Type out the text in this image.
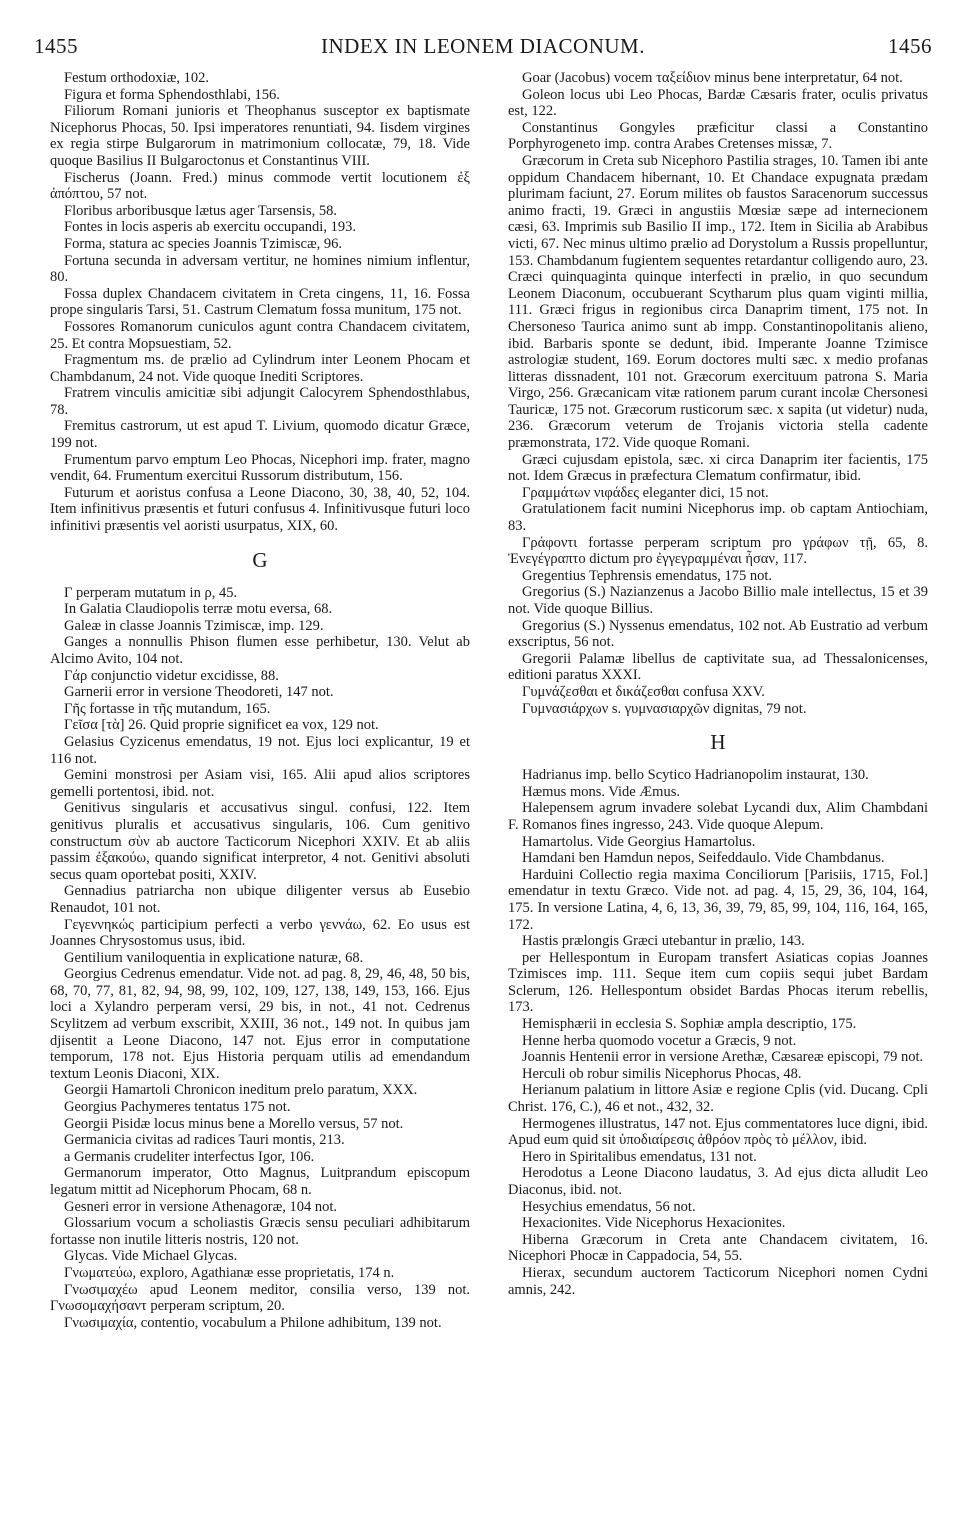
1455	INDEX IN LEONEM DIACONUM.	1456

Festum orthodoxiæ, 102.

Figura et forma Sphendosthlabi, 156.

Filiorum Romani junioris et Theophanus susceptor ex baptismate Nicephorus Phocas, 50. Ipsi imperatores renuntiati, 94. Iisdem virgines ex regia stirpe Bulgarorum in matrimonium collocatæ, 79, 18. Vide quoque Basilius II Bulgaroctonus et Constantinus VIII.

Fischerus (Joann. Fred.) minus commode vertit locutionem ἐξ ἀπόπτου, 57 not.

Floribus arboribusque lætus ager Tarsensis, 58.

Fontes in locis asperis ab exercitu occupandi, 193.

Forma, statura ac species Joannis Tzimiscæ, 96.

Fortuna secunda in adversam vertitur, ne homines nimium inflentur, 80.

Fossa duplex Chandacem civitatem in Creta cingens, 11, 16. Fossa prope singularis Tarsi, 51. Castrum Clematum fossa munitum, 175 not.

Fossores Romanorum cuniculos agunt contra Chandacem civitatem, 25. Et contra Mopsuestiam, 52.

Fragmentum ms. de prælio ad Cylindrum inter Leonem Phocam et Chambdanum, 24 not. Vide quoque Inediti Scriptores.

Fratrem vinculis amicitiæ sibi adjungit Calocyrem Sphendosthlabus, 78.

Fremitus castrorum, ut est apud T. Livium, quomodo dicatur Græce, 199 not.

Frumentum parvo emptum Leo Phocas, Nicephori imp. frater, magno vendit, 64. Frumentum exercitui Russorum distributum, 156.

Futurum et aoristus confusa a Leone Diacono, 30, 38, 40, 52, 104. Item infinitivus præsentis et futuri confusus 4. Infinitivusque futuri loco infinitivi præsentis vel aoristi usurpatus, XIX, 60.

G

Γ perperam mutatum in ρ, 45.

In Galatia Claudiopolis terræ motu eversa, 68.

Galeæ in classe Joannis Tzimiscæ, imp. 129.

Ganges a nonnullis Phison flumen esse perhibetur, 130. Velut ab Alcimo Avito, 104 not.

Γάρ conjunctio videtur excidisse, 88.

Garnerii error in versione Theodoreti, 147 not.

Γῆς fortasse in τῆς mutandum, 165.

Γεῖσα [τὰ] 26. Quid proprie significet ea vox, 129 not.

Gelasius Cyzicenus emendatus, 19 not. Ejus loci explicantur, 19 et 116 not.

Gemini monstrosi per Asiam visi, 165. Alii apud alios scriptores gemelli portentosi, ibid. not.

Genitivus singularis et accusativus singul. confusi, 122. Item genitivus pluralis et accusativus singularis, 106. Cum genitivo constructum σὺν ab auctore Tacticorum Nicephori XXIV. Et ab aliis passim ἐξακούω, quando significat interpretor, 4 not. Genitivi absoluti secus quam oportebat positi, XXIV.

Gennadius patriarcha non ubique diligenter versus ab Eusebio Renaudot, 101 not.

Γεγεννηκώς participium perfecti a verbo γεννάω, 62. Eo usus est Joannes Chrysostomus usus, ibid.

Gentilium vaniloquentia in explicatione naturæ, 68.

Georgius Cedrenus emendatur. Vide not. ad pag. 8, 29, 46, 48, 50 bis, 68, 70, 77, 81, 82, 94, 98, 99, 102, 109, 127, 138, 149, 153, 166. Ejus loci a Xylandro perperam versi, 29 bis, in not., 41 not. Cedrenus Scylitzem ad verbum exscribit, XXIII, 36 not., 149 not. In quibus jam djisentit a Leone Diacono, 147 not. Ejus error in computatione temporum, 178 not. Ejus Historia perquam utilis ad emendandum textum Leonis Diaconi, XIX.

Georgii Hamartoli Chronicon ineditum prelo paratum, XXX.

Georgius Pachymeres tentatus 175 not.

Georgii Pisidæ locus minus bene a Morello versus, 57 not.

Germanicia civitas ad radices Tauri montis, 213.

a Germanis crudeliter interfectus Igor, 106.

Germanorum imperator, Otto Magnus, Luitprandum episcopum legatum mittit ad Nicephorum Phocam, 68 n.

Gesneri error in versione Athenagoræ, 104 not.

Glossarium vocum a scholiastis Græcis sensu peculiari adhibitarum fortasse non inutile litteris nostris, 120 not.

Glycas. Vide Michael Glycas.

Γνωματεύω, exploro, Agathianæ esse proprietatis, 174 n.

Γνωσιμαχέω apud Leonem meditor, consilia verso, 139 not. Γνωσομαχήσαντ perperam scriptum, 20.

Γνωσιμαχία, contentio, vocabulum a Philone adhibitum, 139 not.

Goar (Jacobus) vocem ταξείδιον minus bene interpretatur, 64 not.

Goleon locus ubi Leo Phocas, Bardæ Cæsaris frater, oculis privatus est, 122.

Constantinus Gongyles præficitur classi a Constantino Porphyrogeneto imp. contra Arabes Cretenses missæ, 7.

Græcorum in Creta sub Nicephoro Pastilia strages, 10. Tamen ibi ante oppidum Chandacem hibernant, 10. Et Chandace expugnata prædam plurimam faciunt, 27. Eorum milites ob faustos Saracenorum successus animo fracti, 19. Græci in angustiis Mœsiæ sæpe ad internecionem cæsi, 63. Imprimis sub Basilio II imp., 172. Item in Sicilia ab Arabibus victi, 67. Nec minus ultimo prælio ad Dorystolum a Russis propelluntur, 153. Chambdanum fugientem sequentes retardantur colligendo auro, 23. Cræci quinquaginta quinque interfecti in prælio, in quo secundum Leonem Diaconum, occubuerant Scytharum plus quam viginti millia, 111. Græci frigus in regionibus circa Danaprim timent, 175 not. In Chersoneso Taurica animo sunt ab impp. Constantinopolitanis alieno, ibid. Barbaris sponte se dedunt, ibid. Imperante Joanne Tzimisce astrologiæ student, 169. Eorum doctores multi sæc. x medio profanas litteras dissnadent, 101 not. Græcorum exercituum patrona S. Maria Virgo, 256. Græcanicam vitæ rationem parum curant incolæ Chersonesi Tauricæ, 175 not. Græcorum rusticorum sæc. x sapita (ut videtur) nuda, 236. Græcorum veterum de Trojanis victoria stella cadente præmonstrata, 172. Vide quoque Romani.

Græci cujusdam epistola, sæc. xi circa Danaprim iter facientis, 175 not. Idem Græcus in præfectura Clematum confirmatur, ibid.

Γραμμάτων νιφάδες eleganter dici, 15 not.

Gratulationem facit numini Nicephorus imp. ob captam Antiochiam, 83.

Γράφοντι fortasse perperam scriptum pro γράφων τῇ, 65, 8. Ἐνεγέγραπτο dictum pro ἐγγεγραμμέναι ἦσαν, 117.

Gregentius Tephrensis emendatus, 175 not.

Gregorius (S.) Nazianzenus a Jacobo Billio male intellectus, 15 et 39 not. Vide quoque Billius.

Gregorius (S.) Nyssenus emendatus, 102 not. Ab Eustratio ad verbum exscriptus, 56 not.

Gregorii Palamæ libellus de captivitate sua, ad Thessalonicenses, editioni paratus XXXI.

Γυμνάζεσθαι et δικάζεσθαι confusa XXV.

Γυμνασιάρχων s. γυμνασιαρχῶν dignitas, 79 not.

H

Hadrianus imp. bello Scytico Hadrianopolim instaurat, 130.

Hæmus mons. Vide Æmus.

Halepensem agrum invadere solebat Lycandi dux, Alim Chambdani F. Romanos fines ingresso, 243. Vide quoque Alepum.

Hamartolus. Vide Georgius Hamartolus.

Hamdani ben Hamdun nepos, Seifeddaulo. Vide Chambdanus.

Harduini Collectio regia maxima Conciliorum [Parisiis, 1715, Fol.] emendatur in textu Græco. Vide not. ad pag. 4, 15, 29, 36, 104, 164, 175. In versione Latina, 4, 6, 13, 36, 39, 79, 85, 99, 104, 116, 164, 165, 172.

Hastis prælongis Græci utebantur in prælio, 143.

per Hellespontum in Europam transfert Asiaticas copias Joannes Tzimisces imp. 111. Seque item cum copiis sequi jubet Bardam Sclerum, 126. Hellespontum obsidet Bardas Phocas iterum rebellis, 173.

Hemisphærii in ecclesia S. Sophiæ ampla descriptio, 175.

Henne herba quomodo vocetur a Græcis, 9 not.

Joannis Hentenii error in versione Arethæ, Cæsareæ episcopi, 79 not.

Herculi ob robur similis Nicephorus Phocas, 48.

Herianum palatium in littore Asiæ e regione Cplis (vid. Ducang. Cpli Christ. 176, C.), 46 et not., 432, 32.

Hermogenes illustratus, 147 not. Ejus commentatores luce digni, ibid. Apud eum quid sit ὑποδιαίρεσις ἀθρόον πρὸς τὸ μέλλον, ibid.

Hero in Spiritalibus emendatus, 131 not.

Herodotus a Leone Diacono laudatus, 3. Ad ejus dicta alludit Leo Diaconus, ibid. not.

Hesychius emendatus, 56 not.

Hexacionites. Vide Nicephorus Hexacionites.

Hiberna Græcorum in Creta ante Chandacem civitatem, 16. Nicephori Phocæ in Cappadocia, 54, 55.

Hierax, secundum auctorem Tacticorum Nicephori nomen Cydni amnis, 242.
